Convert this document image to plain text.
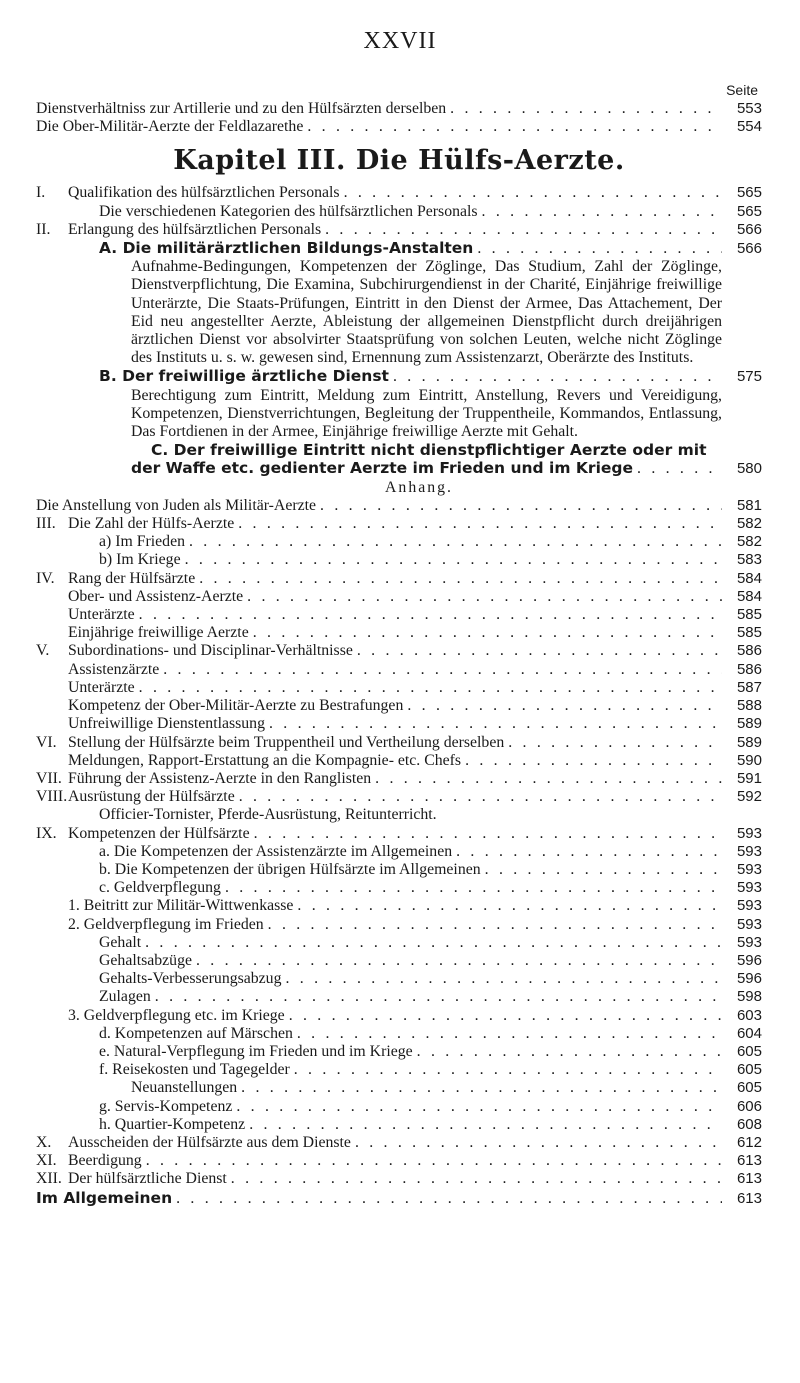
XXVII
Seite
Dienstverhältniss zur Artillerie und zu den Hülfsärzten derselben . . .	553
Die Ober-Militär-Aerzte der Feldlazarethe . . .	554
Kapitel III. Die Hülfs-Aerzte.
I.	Qualifikation des hülfsärztlichen Personals . . .	565
Die verschiedenen Kategorien des hülfsärztlichen Personals . . .	565
II.	Erlangung des hülfsärztlichen Personals . . .	566
A. Die militärärztlichen Bildungs-Anstalten . . .	566
Aufnahme-Bedingungen, Kompetenzen der Zöglinge, Das Studium, Zahl der Zöglinge, Dienstverpflichtung, Die Examina, Subchirurgendienst in der Charité, Einjährige freiwillige Unterärzte, Die Staats-Prüfungen, Eintritt in den Dienst der Armee, Das Attachement, Der Eid neu angestellter Aerzte, Ableistung der allgemeinen Dienstpflicht durch dreijährigen ärztlichen Dienst vor absolvirter Staatsprüfung von solchen Leuten, welche nicht Zöglinge des Instituts u. s. w. gewesen sind, Ernennung zum Assistenzarzt, Oberärzte des Instituts.
B. Der freiwillige ärztliche Dienst . . .	575
Berechtigung zum Eintritt, Meldung zum Eintritt, Anstellung, Revers und Vereidigung, Kompetenzen, Dienstverrichtungen, Begleitung der Truppentheile, Kommandos, Entlassung, Das Fortdienen in der Armee, Einjährige freiwillige Aerzte mit Gehalt.
C. Der freiwillige Eintritt nicht dienstpflichtiger Aerzte oder mit
der Waffe etc. gedienter Aerzte im Frieden und im Kriege . . .	580
Anhang.
Die Anstellung von Juden als Militär-Aerzte . . .	581
III. Die Zahl der Hülfs-Aerzte . . .	582
a) Im Frieden . . .	582
b) Im Kriege . . .	583
IV. Rang der Hülfsärzte . . .	584
Ober- und Assistenz-Aerzte . . .	584
Unterärzte . . .	585
Einjährige freiwillige Aerzte . . .	585
V.	Subordinations- und Disciplinar-Verhältnisse . . .	586
Assistenzärzte . . .	586
Unterärzte . . .	587
Kompetenz der Ober-Militär-Aerzte zu Bestrafungen . . .	588
Unfreiwillige Dienstentlassung . . .	589
VI. Stellung der Hülfsärzte beim Truppentheil und Vertheilung derselben . . .	589
Meldungen, Rapport-Erstattung an die Kompagnie- etc. Chefs . . .	590
VII. Führung der Assistenz-Aerzte in den Ranglisten . . .	591
VIII. Ausrüstung der Hülfsärzte . . .	592
Officier-Tornister, Pferde-Ausrüstung, Reitunterricht.
IX. Kompetenzen der Hülfsärzte . . .	593
a. Die Kompetenzen der Assistenzärzte im Allgemeinen . . .	593
b. Die Kompetenzen der übrigen Hülfsärzte im Allgemeinen . . .	593
c. Geldverpflegung . . .	593
1. Beitritt zur Militär-Wittwenkasse . . .	593
2. Geldverpflegung im Frieden . . .	593
Gehalt . . .	593
Gehaltsabzüge . . .	596
Gehalts-Verbesserungsabzug . . .	596
Zulagen . . .	598
3. Geldverpflegung etc. im Kriege . . .	603
d. Kompetenzen auf Märschen . . .	604
e. Natural-Verpflegung im Frieden und im Kriege . . .	605
f. Reisekosten und Tagegelder . . .	605
Neuanstellungen . . .	605
g. Servis-Kompetenz . . .	606
h. Quartier-Kompetenz . . .	608
X.	Ausscheiden der Hülfsärzte aus dem Dienste . . .	612
XI. Beerdigung . . .	613
XII. Der hülfsärztliche Dienst . . .	613
Im Allgemeinen . . .	613
